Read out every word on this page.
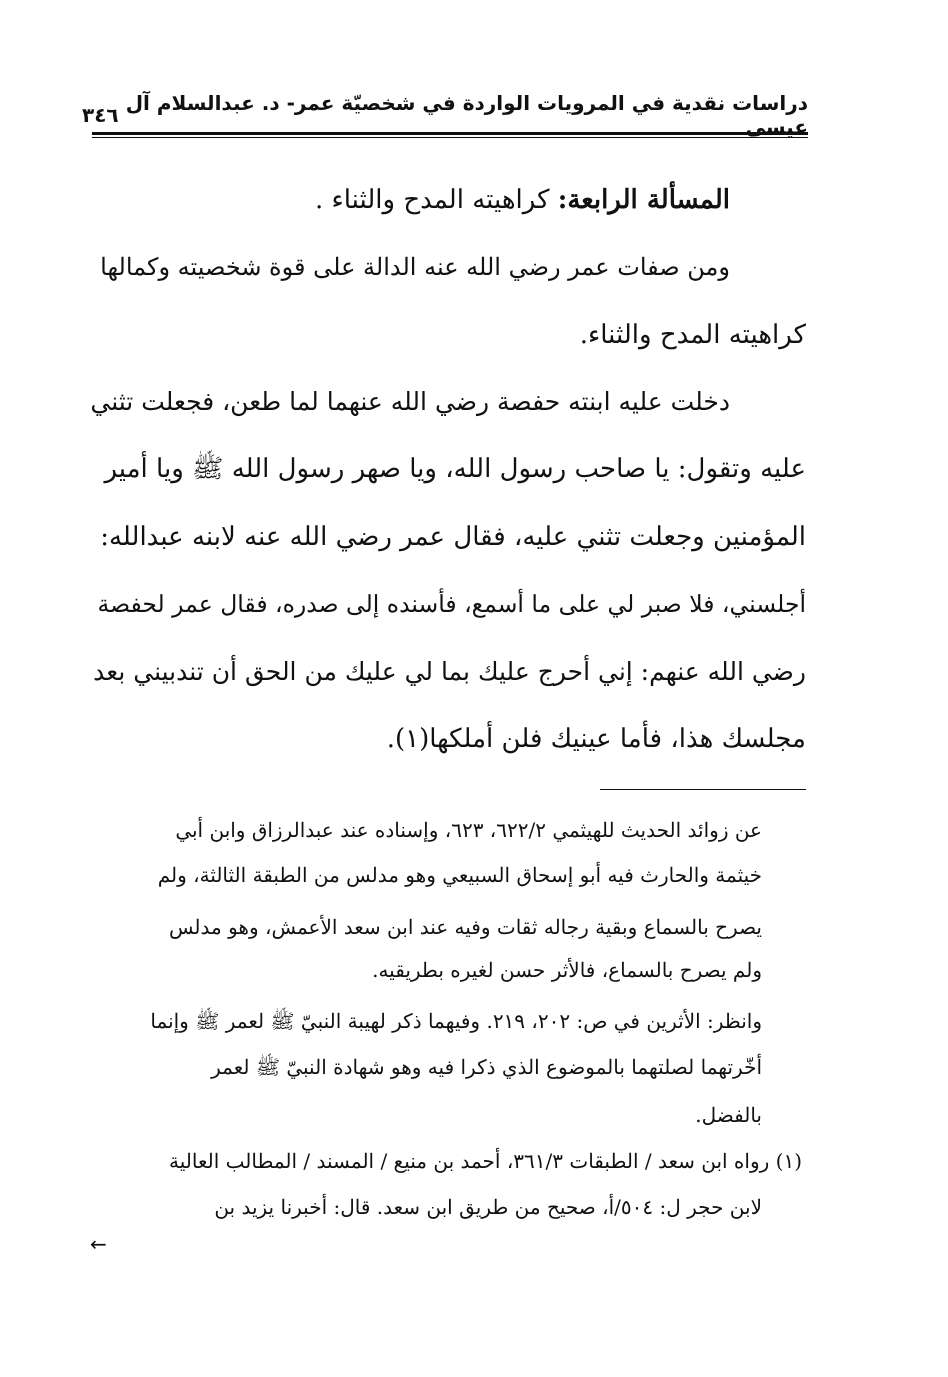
دراسات نقدية في المرويات الواردة في شخصيّة عمر- د. عبدالسلام آل عيسى
٣٤٦
المسألة الرابعة: كراهيته المدح والثناء .
ومن صفات عمر رضي الله عنه الدالة على قوة شخصيته وكمالها
كراهيته المدح والثناء.
دخلت عليه ابنته حفصة رضي الله عنهما لما طعن، فجعلت تثني
عليه وتقول: يا صاحب رسول الله، ويا صهر رسول الله ﷺ ويا أمير
المؤمنين وجعلت تثني عليه، فقال عمر رضي الله عنه لابنه عبدالله:
أجلسني، فلا صبر لي على ما أسمع، فأسنده إلى صدره، فقال عمر لحفصة
رضي الله عنهم: إني أحرج عليك بما لي عليك من الحق أن تندبيني بعد
مجلسك هذا، فأما عينيك فلن أملكها(١).
عن زوائد الحديث للهيثمي ٦٢٢/٢، ٦٢٣، وإسناده عند عبدالرزاق وابن أبي
خيثمة والحارث فيه أبو إسحاق السبيعي وهو مدلس من الطبقة الثالثة، ولم
يصرح بالسماع وبقية رجاله ثقات وفيه عند ابن سعد الأعمش، وهو مدلس
ولم يصرح بالسماع، فالأثر حسن لغيره بطريقيه.
وانظر: الأثرين في ص: ٢٠٢، ٢١٩. وفيهما ذكر لهيبة النبيّ ﷺ لعمر ﷺ وإنما
أخّرتهما لصلتهما بالموضوع الذي ذكرا فيه وهو شهادة النبيّ ﷺ لعمر
بالفضل.
(١) رواه ابن سعد / الطبقات ٣٦١/٣، أحمد بن منيع / المسند / المطالب العالية
لابن حجر ل: ٥٠٤/أ، صحيح من طريق ابن سعد. قال: أخبرنا يزيد بن
←
